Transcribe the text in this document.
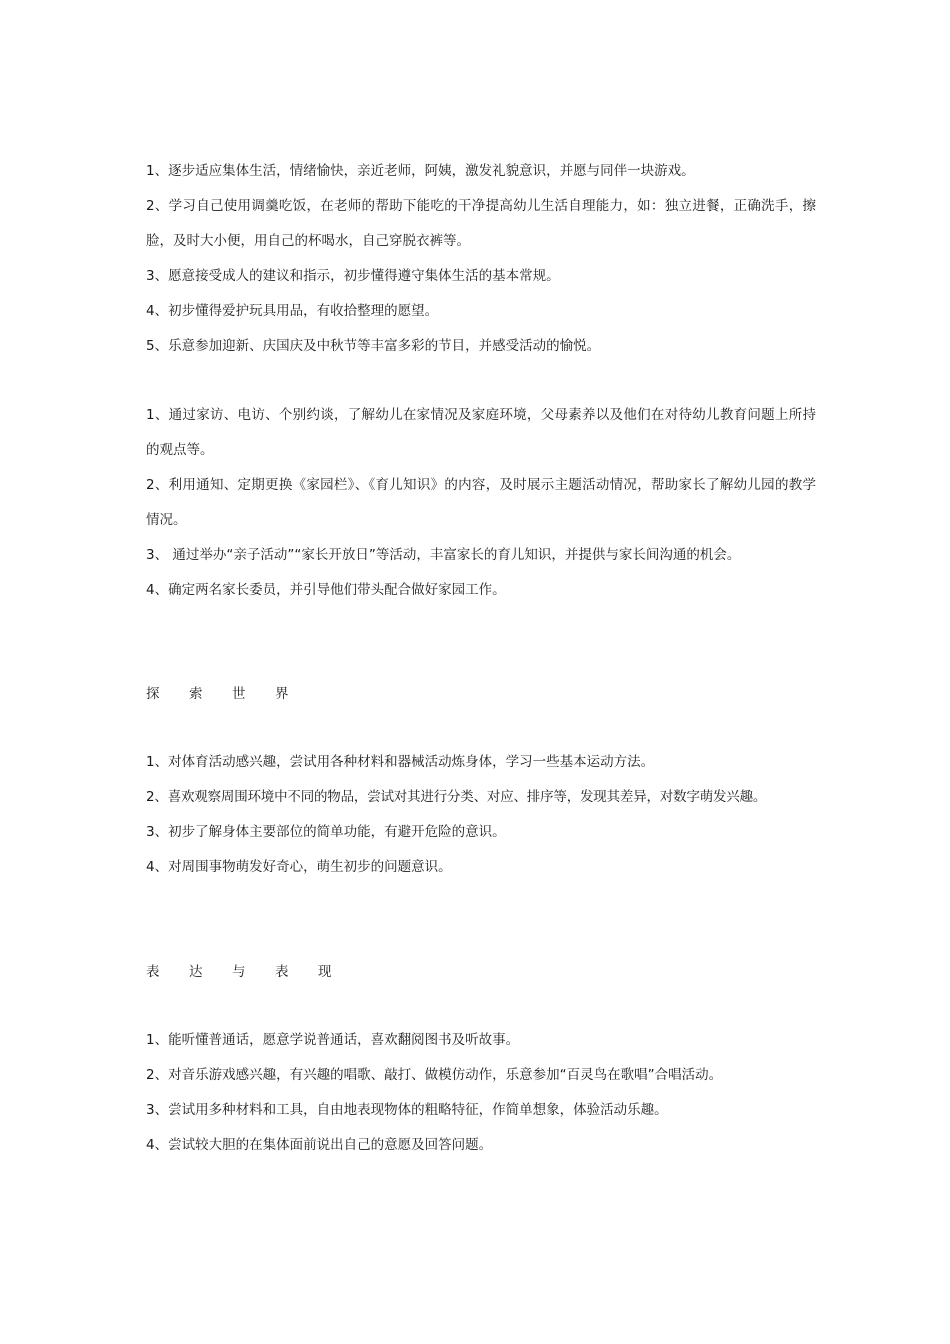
1、逐步适应集体生活，情绪愉快，亲近老师，阿姨，激发礼貌意识，并愿与同伴一块游戏。

2、学习自己使用调羹吃饭，在老师的帮助下能吃的干净提高幼儿生活自理能力，如：独立进餐，正确洗手，擦脸，及时大小便，用自己的杯喝水，自己穿脱衣裤等。

3、愿意接受成人的建议和指示，初步懂得遵守集体生活的基本常规。

4、初步懂得爱护玩具用品，有收拾整理的愿望。

5、乐意参加迎新、庆国庆及中秋节等丰富多彩的节目，并感受活动的愉悦。

1、通过家访、电访、个别约谈，了解幼儿在家情况及家庭环境，父母素养以及他们在对待幼儿教育问题上所持的观点等。

2、利用通知、定期更换《家园栏》、《育儿知识》的内容，及时展示主题活动情况，帮助家长了解幼儿园的教学情况。

3、 通过举办“亲子活动”“家长开放日”等活动，丰富家长的育儿知识，并提供与家长间沟通的机会。

4、确定两名家长委员，并引导他们带头配合做好家园工作。

探 索 世 界

1、对体育活动感兴趣，尝试用各种材料和器械活动炼身体，学习一些基本运动方法。

2、喜欢观察周围环境中不同的物品，尝试对其进行分类、对应、排序等，发现其差异，对数字萌发兴趣。

3、初步了解身体主要部位的简单功能，有避开危险的意识。

4、对周围事物萌发好奇心，萌生初步的问题意识。

表 达 与 表 现

1、能听懂普通话，愿意学说普通话，喜欢翻阅图书及听故事。

2、对音乐游戏感兴趣，有兴趣的唱歌、敲打、做模仿动作，乐意参加“百灵鸟在歌唱”合唱活动。

3、尝试用多种材料和工具，自由地表现物体的粗略特征，作简单想象，体验活动乐趣。

4、尝试较大胆的在集体面前说出自己的意愿及回答问题。
